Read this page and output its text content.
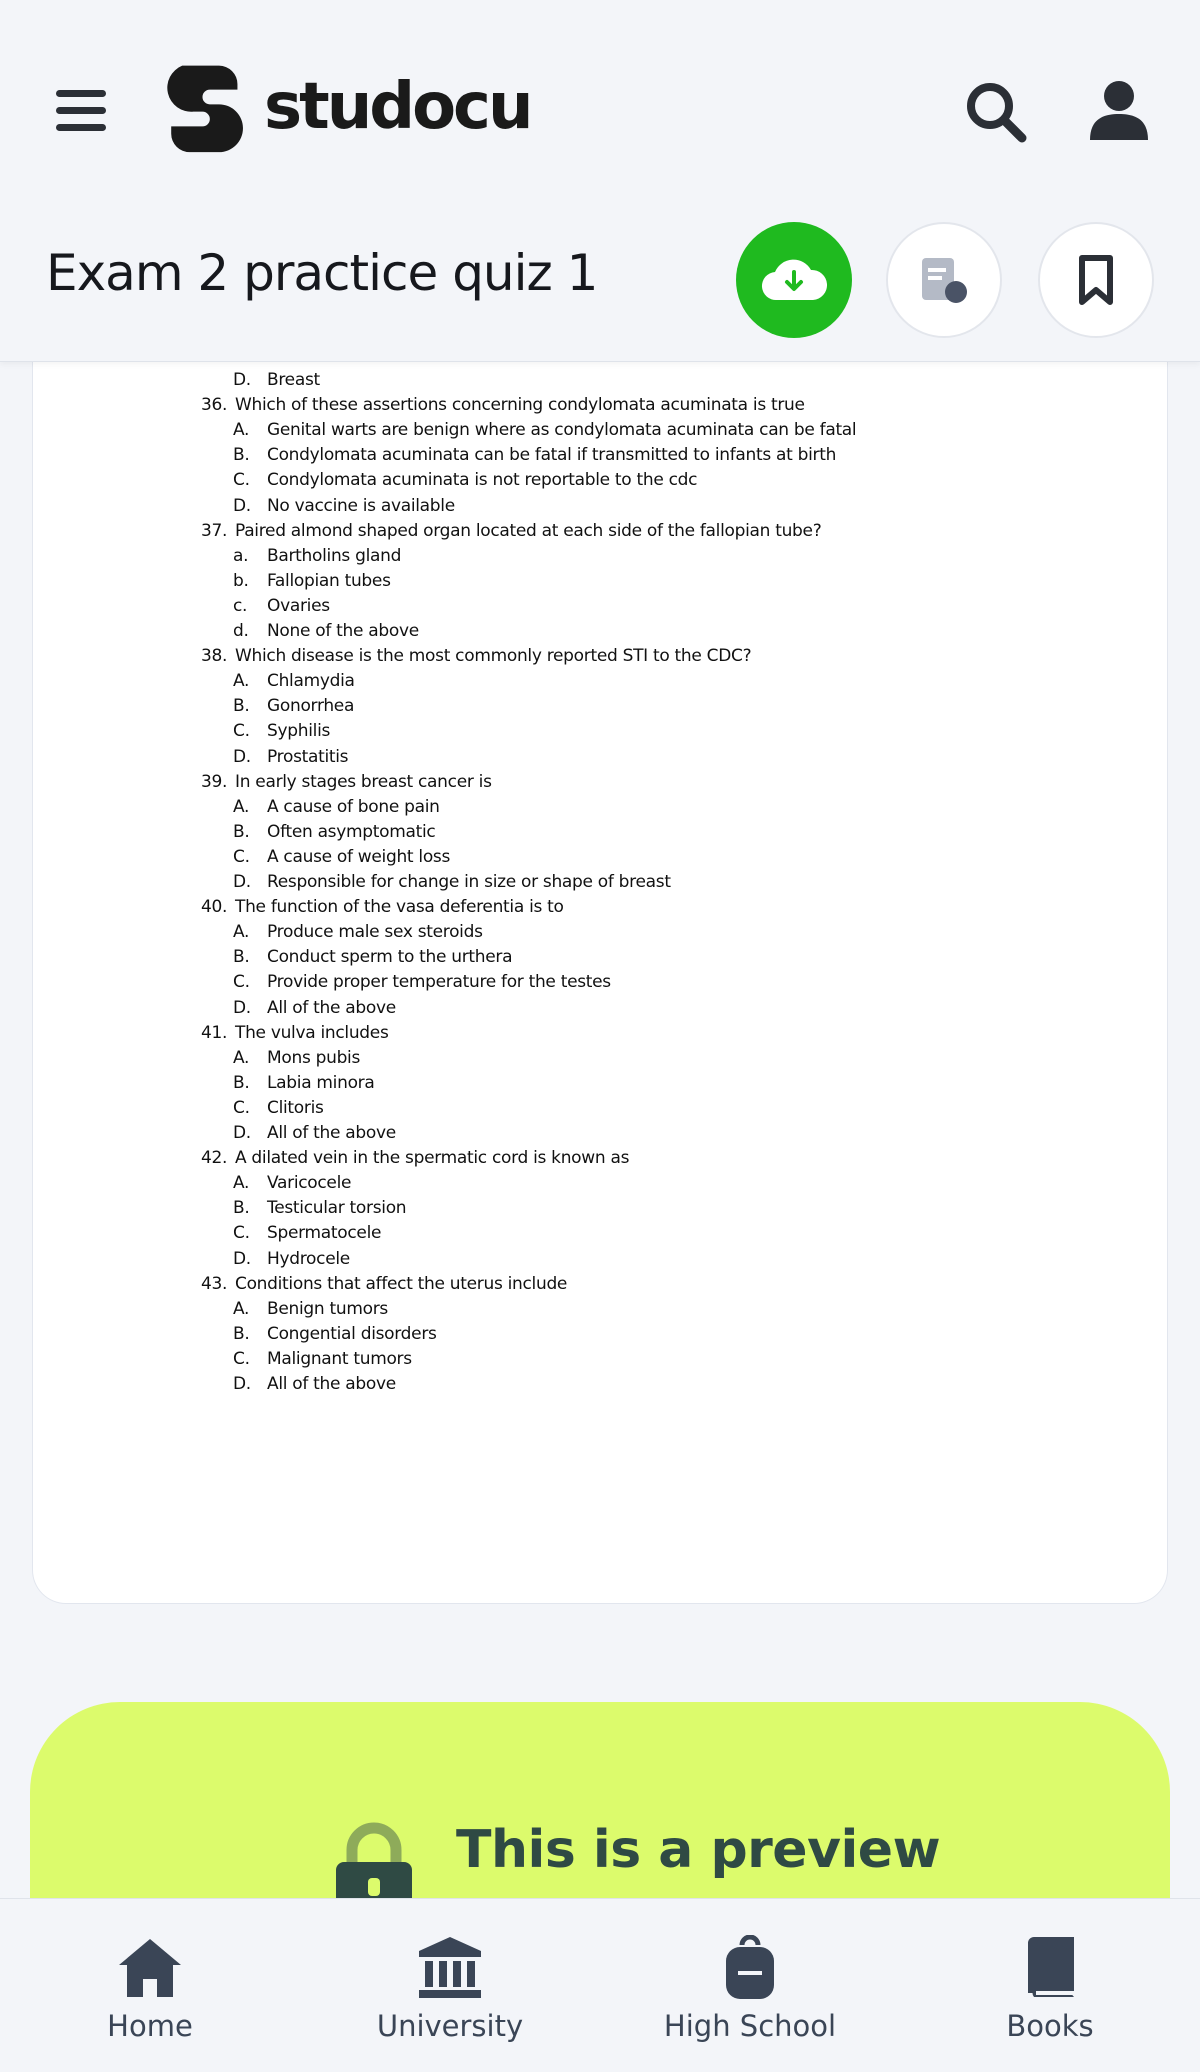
D. Breast
36. Which of these assertions concerning condylomata acuminata is true
A. Genital warts are benign where as condylomata acuminata can be fatal
B. Condylomata acuminata can be fatal if transmitted to infants at birth
C. Condylomata acuminata is not reportable to the cdc
D. No vaccine is available
37. Paired almond shaped organ located at each side of the fallopian tube?
a. Bartholins gland
b. Fallopian tubes
c. Ovaries
d. None of the above
38. Which disease is the most commonly reported STI to the CDC?
A. Chlamydia
B. Gonorrhea
C. Syphilis
D. Prostatitis
39. In early stages breast cancer is
A. A cause of bone pain
B. Often asymptomatic
C. A cause of weight loss
D. Responsible for change in size or shape of breast
40. The function of the vasa deferentia is to
A. Produce male sex steroids
B. Conduct sperm to the urthera
C. Provide proper temperature for the testes
D. All of the above
41. The vulva includes
A. Mons pubis
B. Labia minora
C. Clitoris
D. All of the above
42. A dilated vein in the spermatic cord is known as
A. Varicocele
B. Testicular torsion
C. Spermatocele
D. Hydrocele
43. Conditions that affect the uterus include
A. Benign tumors
B. Congential disorders
C. Malignant tumors
D. All of the above
studocu
Exam 2 practice quiz 1
This is a preview
Home	University	High School	Books
